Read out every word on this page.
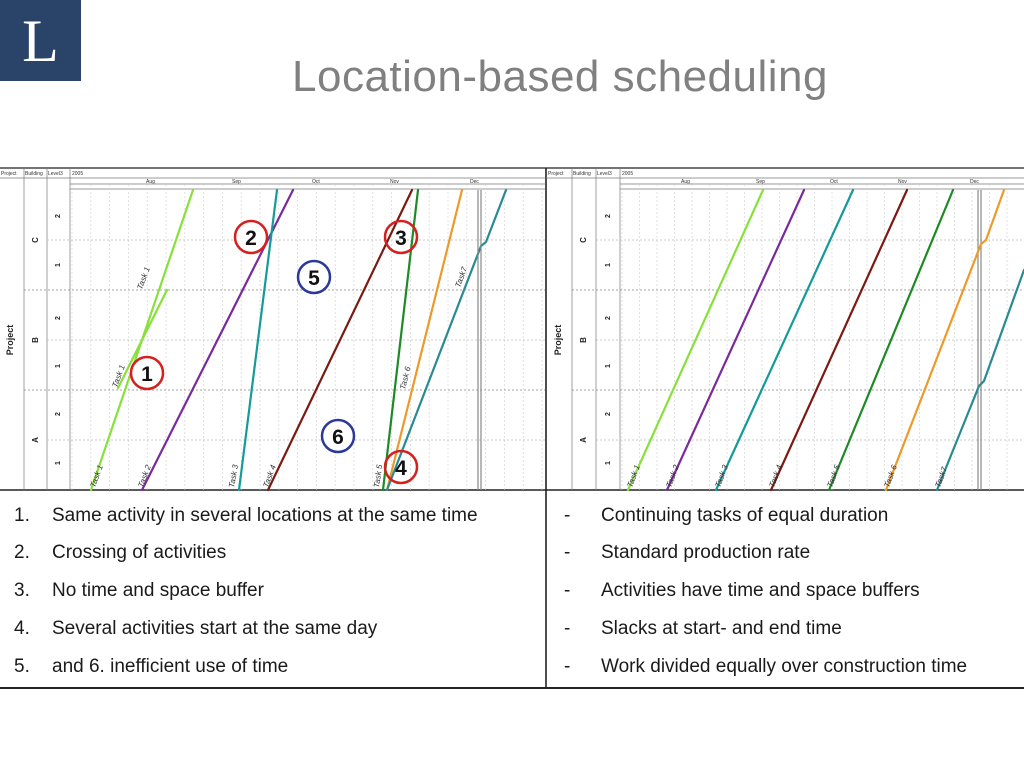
L
Location-based scheduling
Project Building Level3 2005
Aug	Sep	Oct	Nov	Dec
Project
C
B
A
2
1
2
1
2
1
Task 1
Task 1
Task 1
Task 2	Task 3	Task 4	Task 5
Task 6
Task7
1
2	3
4
5
6
Project Building Level3 2005
Aug	Sep	Oct	Nov	Dec
Project
C
B
A
2
1
2
1
2
1
Task 1	Task 2	Task 3	Task 4	Task 5	Task 6	Task7
1. Same activity in several locations at the same time
2. Crossing of activities
3. No time and space buffer
4. Several activities start at the same day
5. and 6. inefficient use of time
- Continuing tasks of equal duration
- Standard production rate
- Activities have time and space buffers
- Slacks at start- and end time
- Work divided equally over construction time
